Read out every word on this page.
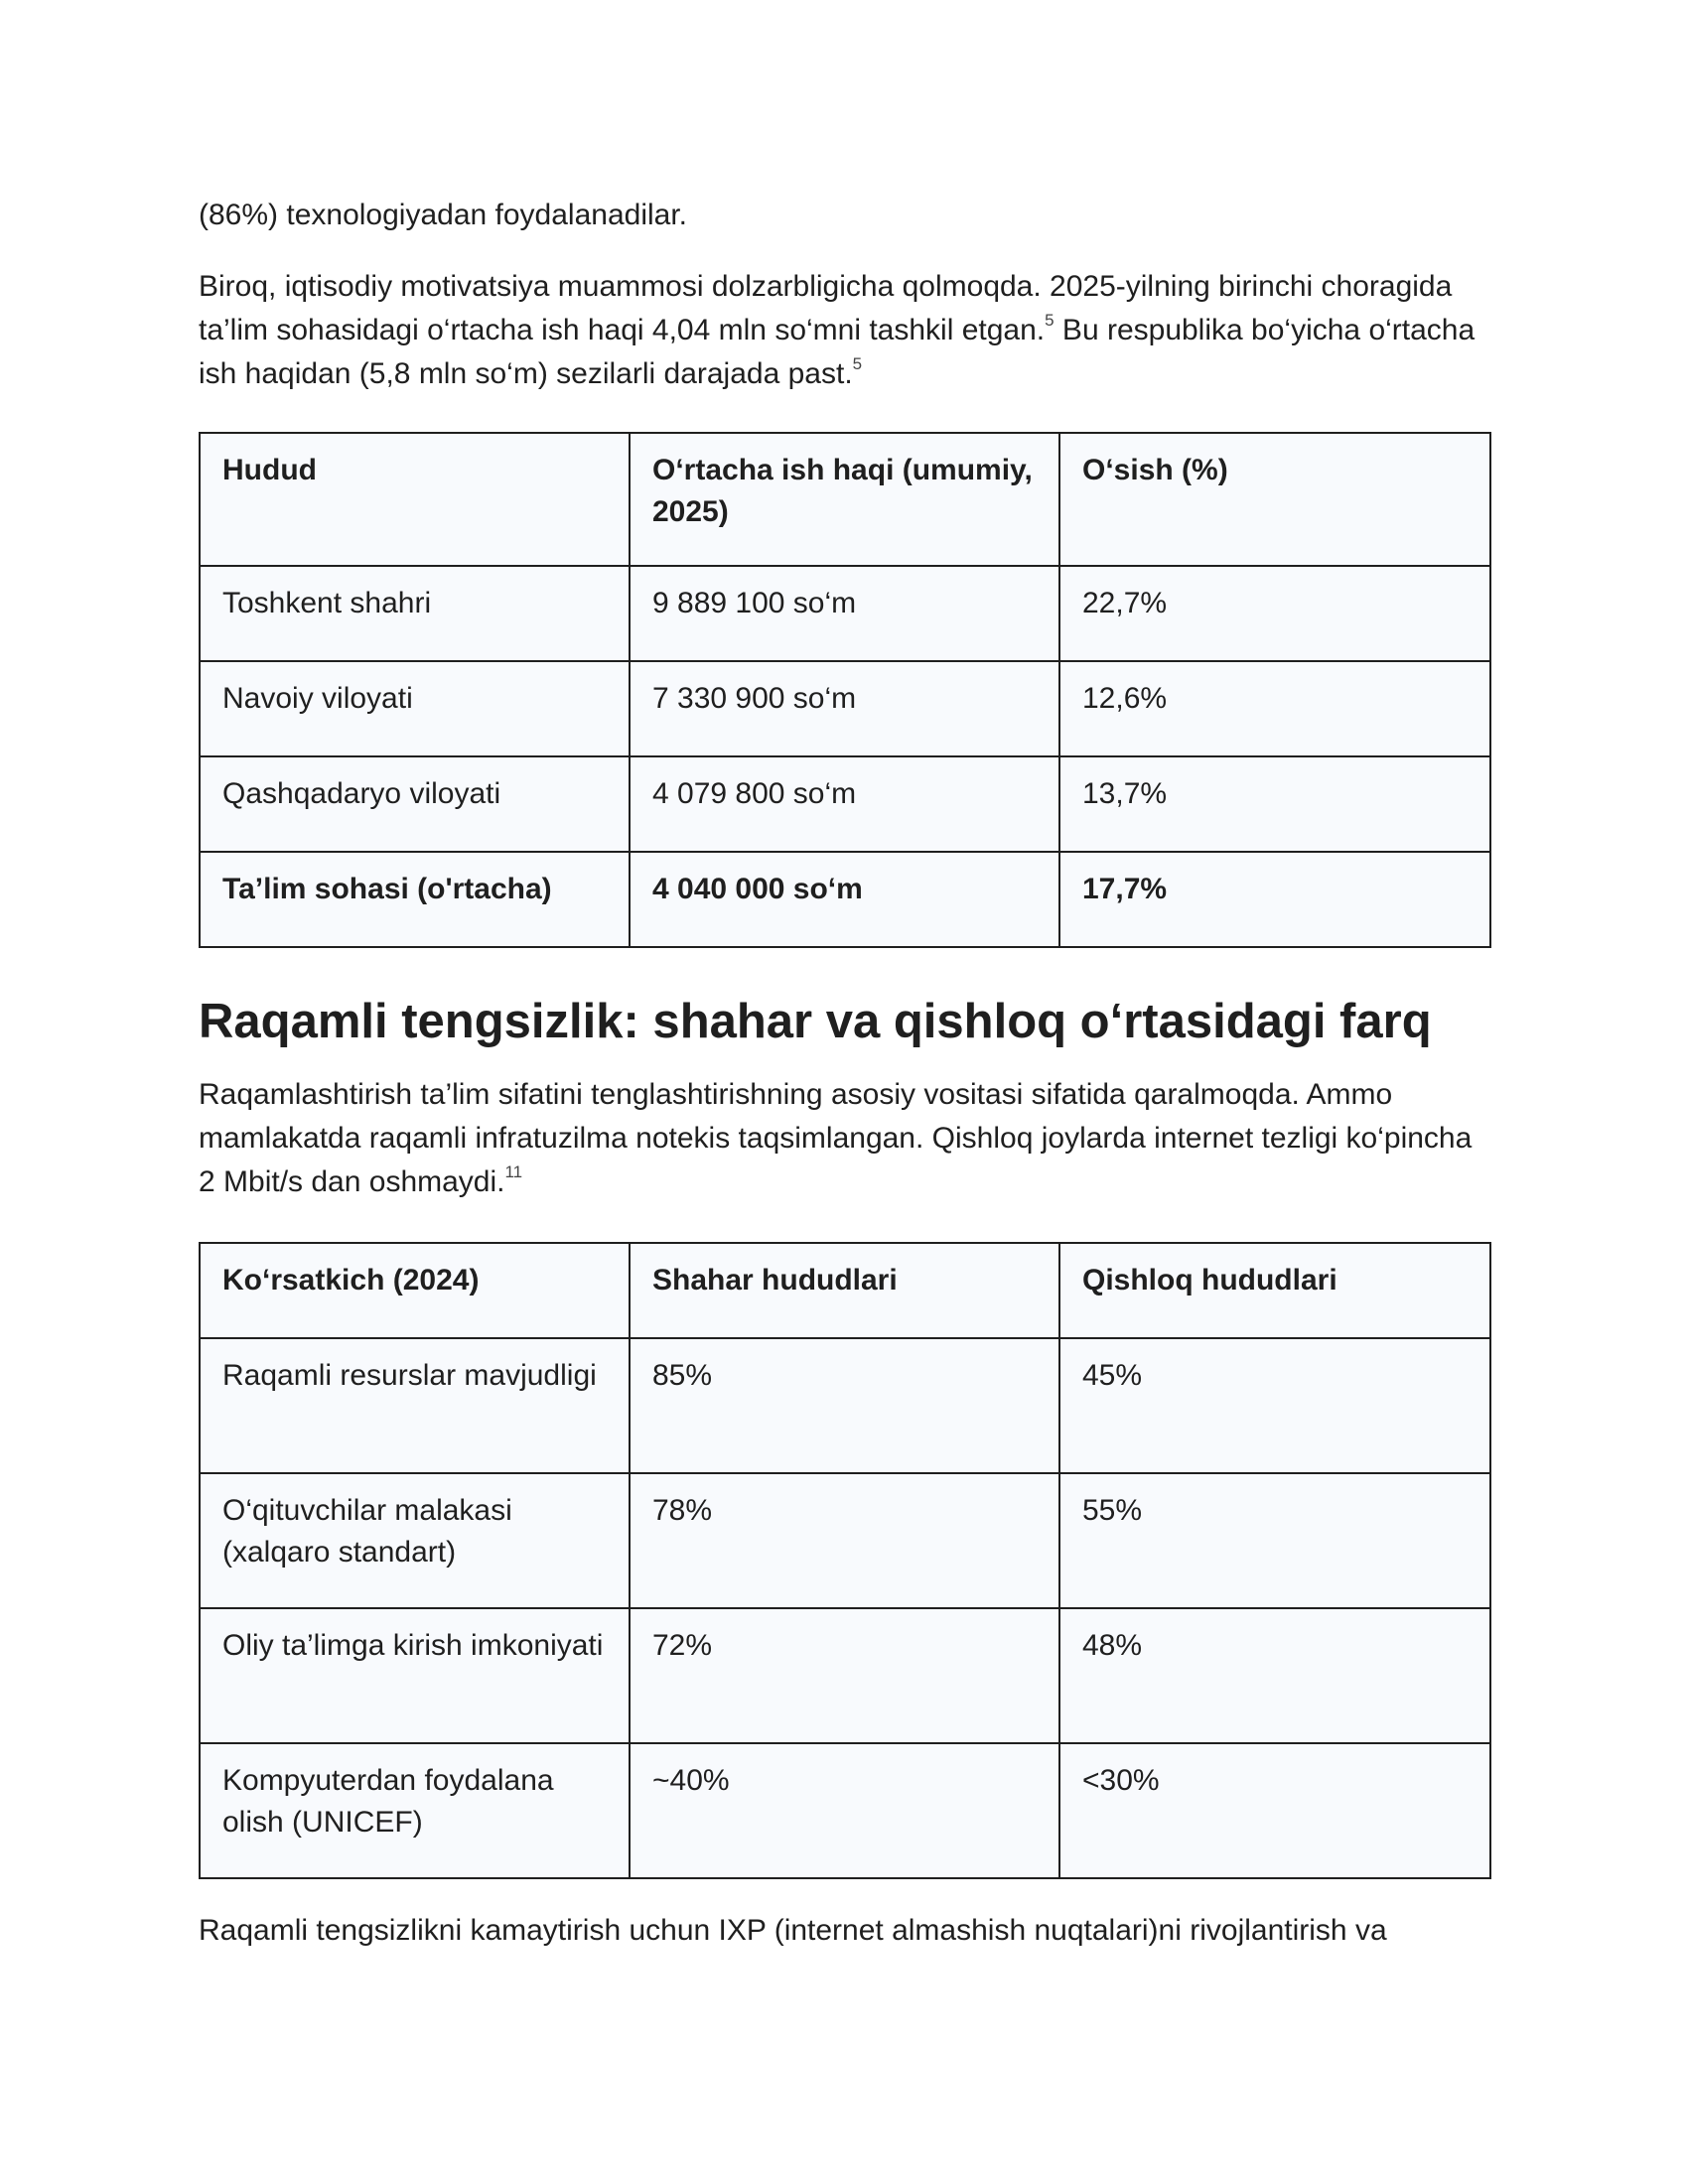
(86%) texnologiyadan foydalanadilar.

Biroq, iqtisodiy motivatsiya muammosi dolzarbligicha qolmoqda. 2025-yilning birinchi choragida ta’lim sohasidagi o‘rtacha ish haqi 4,04 mln so‘mni tashkil etgan.$^5$ Bu respublika bo‘yicha o‘rtacha ish haqidan (5,8 mln so‘m) sezilarli darajada past.$^5$

Hudud	O‘rtacha ish haqi (umumiy, 2025)	O‘sish (%)
Toshkent shahri	9 889 100 so‘m	22,7%
Navoiy viloyati	7 330 900 so‘m	12,6%
Qashqadaryo viloyati	4 079 800 so‘m	13,7%
Ta’lim sohasi (o'rtacha)	4 040 000 so‘m	17,7%
Raqamli tengsizlik: shahar va qishloq o‘rtasidagi farq

Raqamlashtirish ta’lim sifatini tenglashtirishning asosiy vositasi sifatida qaralmoqda. Ammo mamlakatda raqamli infratuzilma notekis taqsimlangan. Qishloq joylarda internet tezligi ko‘pincha 2 Mbit/s dan oshmaydi.$^{11}$

Ko‘rsatkich (2024)	Shahar hududlari	Qishloq hududlari
Raqamli resurslar mavjudligi	85%	45%
O‘qituvchilar malakasi (xalqaro standart)	78%	55%
Oliy ta’limga kirish imkoniyati	72%	48%
Kompyuterdan foydalana olish (UNICEF)	~40%	<30%

Raqamli tengsizlikni kamaytirish uchun IXP (internet almashish nuqtalari)ni rivojlantirish va
